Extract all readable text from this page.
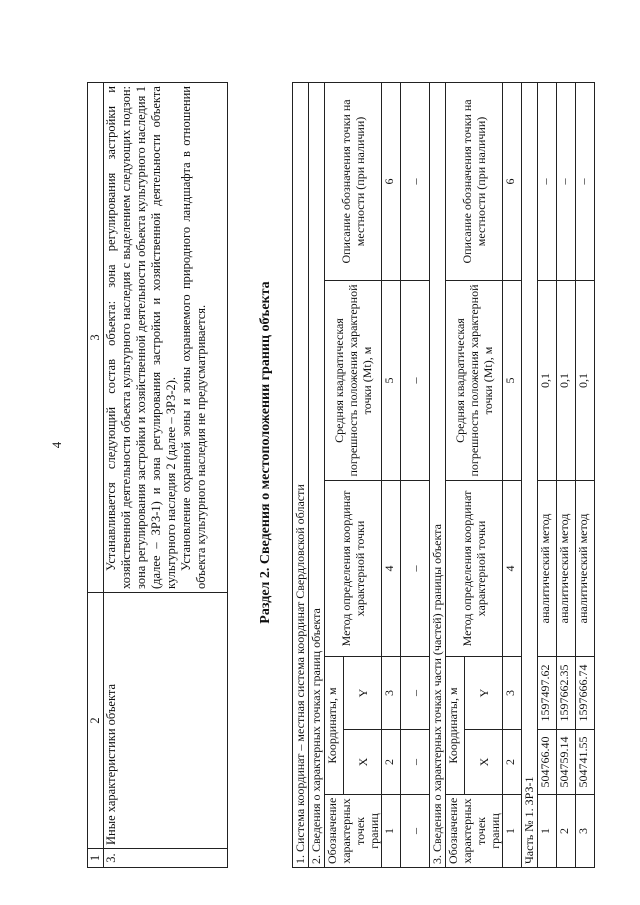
4
1	2	3
3.	Иные характеристики объекта	Устанавливается следующий состав объекта: зона регулирования застройки и хозяйственной деятельности объекта культурного наследия с выделением следующих подзон: зона регулирования застройки и хозяйственной деятельности объекта культурного наследия 1 (далее – ЗРЗ-1) и зона регулирования застройки и хозяйственной деятельности объекта культурного наследия 2 (далее – ЗРЗ-2). Установление охранной зоны и зоны охраняемого природного ландшафта в отношении объекта культурного наследия не предусматривается.	Раздел 2. Сведения о местоположении границ объекта
1. Система координат – местная система координат Свердловской области					
2. Сведения о характерных точках границ объекта					
Обозначение характерных точек границ	Координаты, м		Метод определения координат характерной точки	Средняя квадратическая погрешность положения характерной точки (Mt), м	Описание обозначения точки на местности (при наличии)
	X	Y			
1	2	3	4	5	6
–	–	–	–	–	–
3. Сведения о характерных точках части (частей) границы объекта					
Обозначение характерных точек границ	Координаты, м		Метод определения координат характерной точки	Средняя квадратическая погрешность положения характерной точки (Mt), м	Описание обозначения точки на местности (при наличии)
	X	Y			
1	2	3	4	5	6
Часть № 1. ЗРЗ-1					
1	504766.40	1597497.62	аналитический метод	0,1	–
2	504759.14	1597662.35	аналитический метод	0,1	–
3	504741.55	1597666.74	аналитический метод	0,1	–
